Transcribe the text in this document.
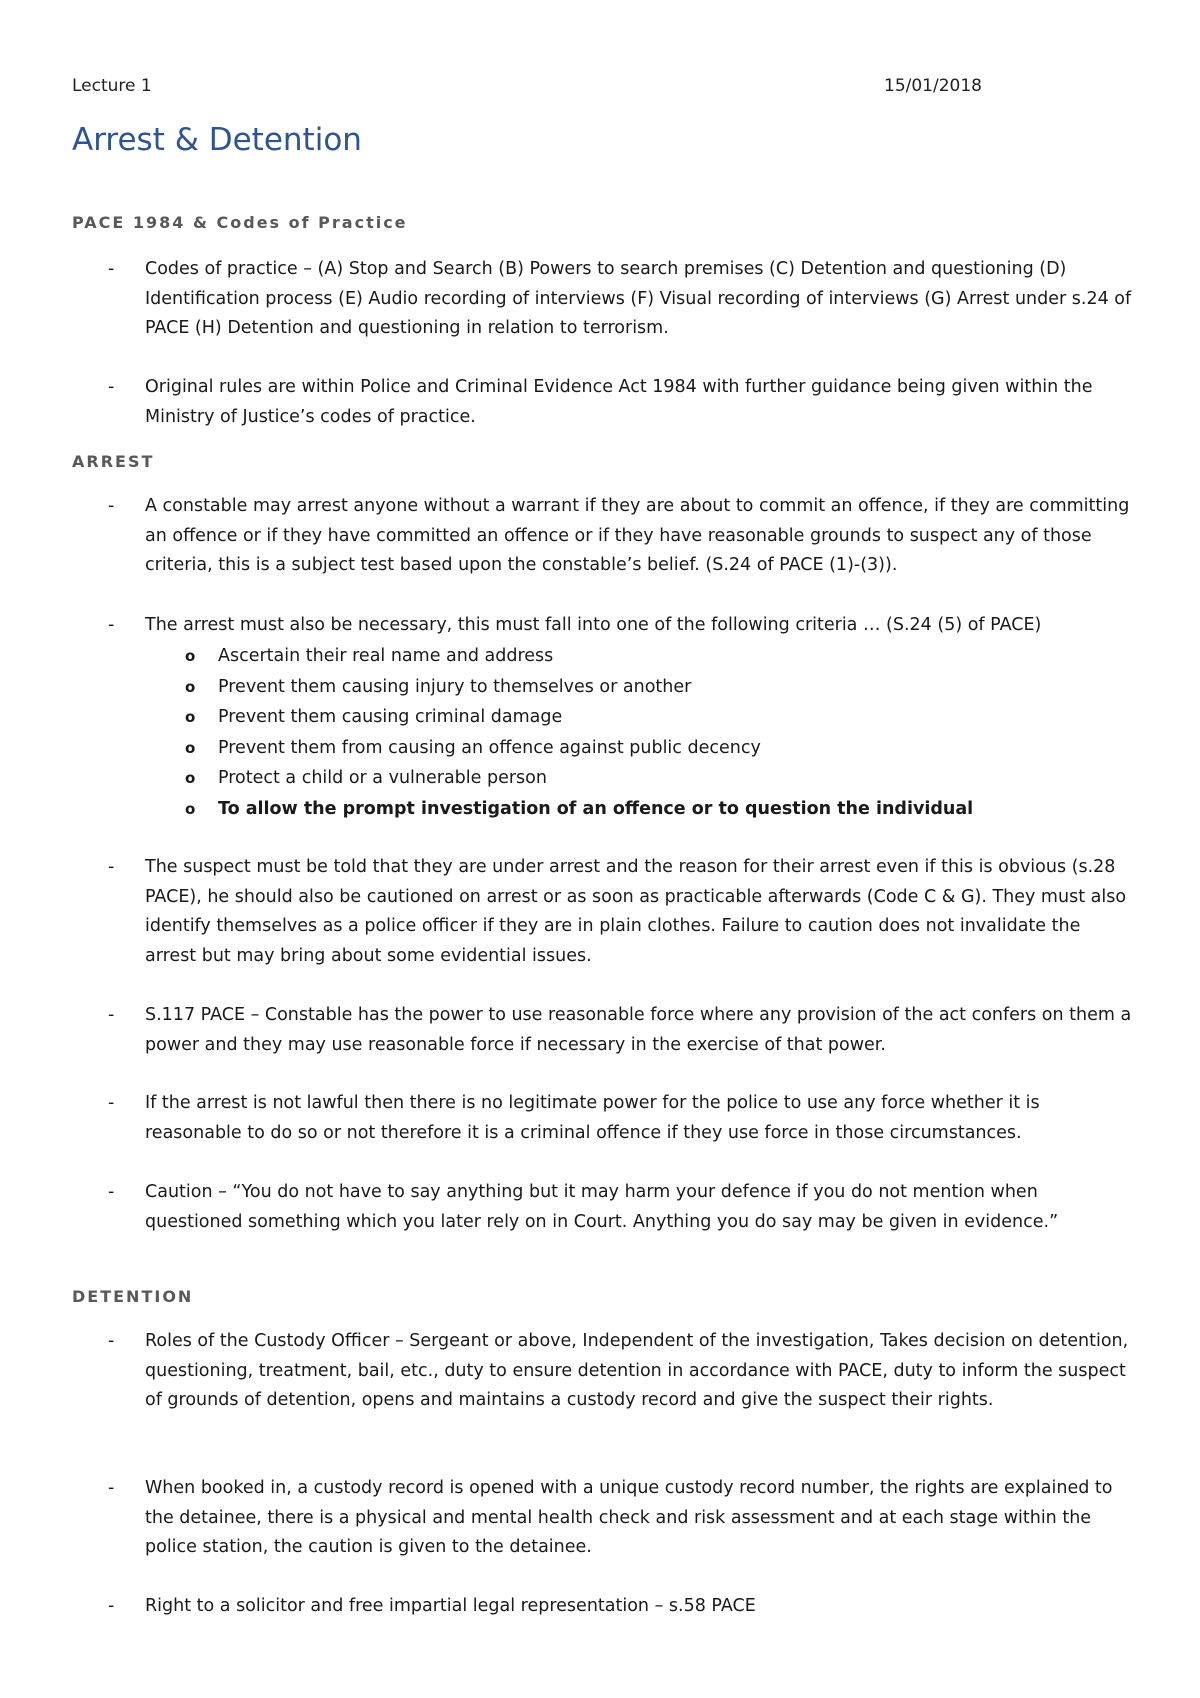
Lecture 1	15/01/2018
Arrest & Detention
PACE 1984 & Codes of Practice
- Codes of practice – (A) Stop and Search (B) Powers to search premises (C) Detention and questioning (D) Identification process (E) Audio recording of interviews (F) Visual recording of interviews (G) Arrest under s.24 of PACE (H) Detention and questioning in relation to terrorism.
- Original rules are within Police and Criminal Evidence Act 1984 with further guidance being given within the Ministry of Justice’s codes of practice.
ARREST
- A constable may arrest anyone without a warrant if they are about to commit an offence, if they are committing an offence or if they have committed an offence or if they have reasonable grounds to suspect any of those criteria, this is a subject test based upon the constable’s belief. (S.24 of PACE (1)-(3)).
- The arrest must also be necessary, this must fall into one of the following criteria … (S.24 (5) of PACE)
o Ascertain their real name and address
o Prevent them causing injury to themselves or another
o Prevent them causing criminal damage
o Prevent them from causing an offence against public decency
o Protect a child or a vulnerable person
o To allow the prompt investigation of an offence or to question the individual
- The suspect must be told that they are under arrest and the reason for their arrest even if this is obvious (s.28 PACE), he should also be cautioned on arrest or as soon as practicable afterwards (Code C & G). They must also identify themselves as a police officer if they are in plain clothes. Failure to caution does not invalidate the arrest but may bring about some evidential issues.
- S.117 PACE – Constable has the power to use reasonable force where any provision of the act confers on them a power and they may use reasonable force if necessary in the exercise of that power.
- If the arrest is not lawful then there is no legitimate power for the police to use any force whether it is reasonable to do so or not therefore it is a criminal offence if they use force in those circumstances.
- Caution – “You do not have to say anything but it may harm your defence if you do not mention when questioned something which you later rely on in Court. Anything you do say may be given in evidence.”
DETENTION
- Roles of the Custody Officer – Sergeant or above, Independent of the investigation, Takes decision on detention, questioning, treatment, bail, etc., duty to ensure detention in accordance with PACE, duty to inform the suspect of grounds of detention, opens and maintains a custody record and give the suspect their rights.
- When booked in, a custody record is opened with a unique custody record number, the rights are explained to the detainee, there is a physical and mental health check and risk assessment and at each stage within the police station, the caution is given to the detainee.
- Right to a solicitor and free impartial legal representation – s.58 PACE
